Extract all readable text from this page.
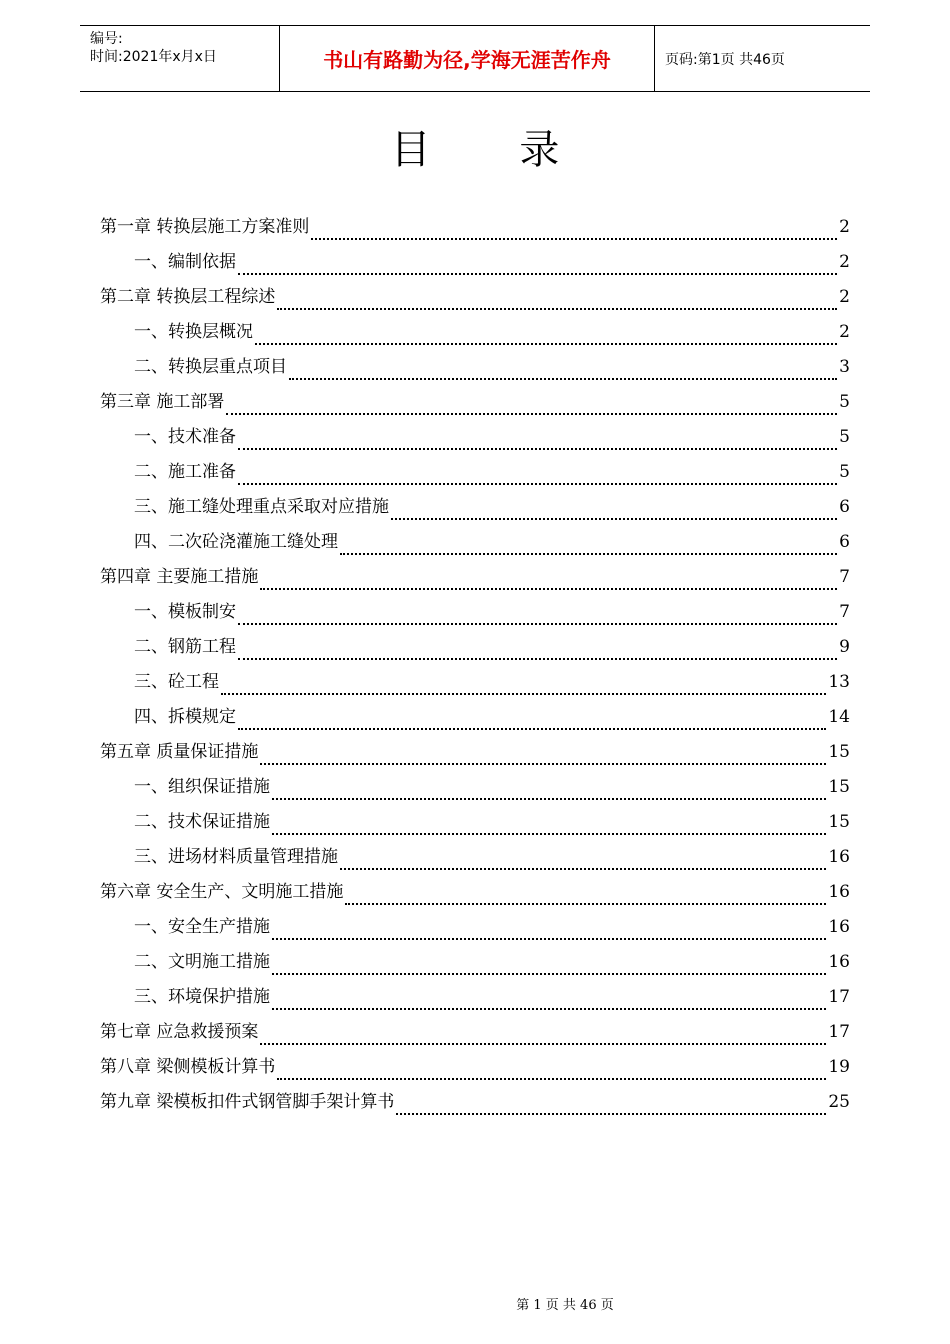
编号:
时间:2021年x月x日	书山有路勤为径,学海无涯苦作舟	页码:第1页 共46页
目 录
第一章 转换层施工方案准则	2
一、编制依据	2
第二章 转换层工程综述	2
一、转换层概况	2
二、转换层重点项目	3
第三章 施工部署	5
一、技术准备	5
二、施工准备	5
三、施工缝处理重点采取对应措施	6
四、二次砼浇灌施工缝处理	6
第四章 主要施工措施	7
一、模板制安	7
二、钢筋工程	9
三、砼工程	13
四、拆模规定	14
第五章 质量保证措施	15
一、组织保证措施	15
二、技术保证措施	15
三、进场材料质量管理措施	16
第六章 安全生产、文明施工措施	16
一、安全生产措施	16
二、文明施工措施	16
三、环境保护措施	17
第七章 应急救援预案	17
第八章 梁侧模板计算书	19
第九章 梁模板扣件式钢管脚手架计算书	25
第 1 页 共 46 页
